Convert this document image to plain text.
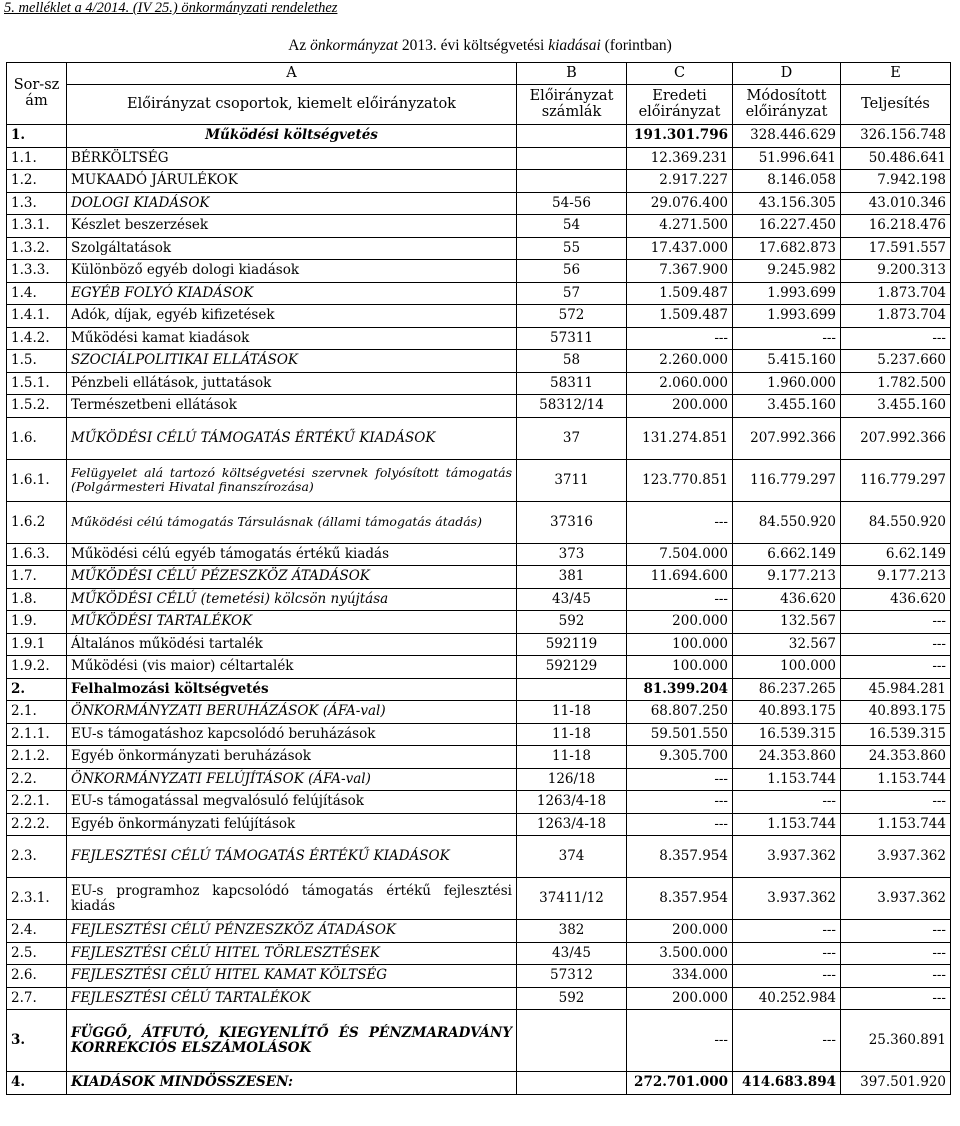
5. melléklet a 4/2014. (IV 25.) önkormányzati rendelethez
Az önkormányzat 2013. évi költségvetési kiadásai (forintban)
Sor-szám	A	B	C	D	E
	Előirányzat csoportok, kiemelt előirányzatok	Előirányzat számlák	Eredeti előirányzat	Módosított előirányzat	Teljesítés
1.	Működési költségvetés		191.301.796	328.446.629	326.156.748
1.1.	BÉRKÖLTSÉG		12.369.231	51.996.641	50.486.641
1.2.	MUKAADÓ JÁRULÉKOK		2.917.227	8.146.058	7.942.198
1.3.	DOLOGI KIADÁSOK	54-56	29.076.400	43.156.305	43.010.346
1.3.1.	Készlet beszerzések	54	4.271.500	16.227.450	16.218.476
1.3.2.	Szolgáltatások	55	17.437.000	17.682.873	17.591.557
1.3.3.	Különböző egyéb dologi kiadások	56	7.367.900	9.245.982	9.200.313
1.4.	EGYÉB FOLYÓ KIADÁSOK	57	1.509.487	1.993.699	1.873.704
1.4.1.	Adók, díjak, egyéb kifizetések	572	1.509.487	1.993.699	1.873.704
1.4.2.	Működési kamat kiadások	57311	---	---	---
1.5.	SZOCIÁLPOLITIKAI ELLÁTÁSOK	58	2.260.000	5.415.160	5.237.660
1.5.1.	Pénzbeli ellátások, juttatások	58311	2.060.000	1.960.000	1.782.500
1.5.2.	Természetbeni ellátások	58312/14	200.000	3.455.160	3.455.160
1.6.	MŰKÖDÉSI CÉLÚ TÁMOGATÁS ÉRTÉKŰ KIADÁSOK	37	131.274.851	207.992.366	207.992.366
1.6.1.	Felügyelet alá tartozó költségvetési szervnek folyósított támogatás (Polgármesteri Hivatal finanszírozása)	3711	123.770.851	116.779.297	116.779.297
1.6.2	Működési célú támogatás Társulásnak (állami támogatás átadás)	37316	---	84.550.920	84.550.920
1.6.3.	Működési célú egyéb támogatás értékű kiadás	373	7.504.000	6.662.149	6.62.149
1.7.	MŰKÖDÉSI CÉLÚ PÉZESZKÖZ ÁTADÁSOK	381	11.694.600	9.177.213	9.177.213
1.8.	MŰKÖDÉSI CÉLÚ (temetési) kölcsön nyújtása	43/45	---	436.620	436.620
1.9.	MŰKÖDÉSI TARTALÉKOK	592	200.000	132.567	---
1.9.1	Általános működési tartalék	592119	100.000	32.567	---
1.9.2.	Működési (vis maior) céltartalék	592129	100.000	100.000	---
2.	Felhalmozási költségvetés		81.399.204	86.237.265	45.984.281
2.1.	ÖNKORMÁNYZATI BERUHÁZÁSOK (ÁFA-val)	11-18	68.807.250	40.893.175	40.893.175
2.1.1.	EU-s támogatáshoz kapcsolódó beruházások	11-18	59.501.550	16.539.315	16.539.315
2.1.2.	Egyéb önkormányzati beruházások	11-18	9.305.700	24.353.860	24.353.860
2.2.	ÖNKORMÁNYZATI FELÚJÍTÁSOK (ÁFA-val)	126/18	---	1.153.744	1.153.744
2.2.1.	EU-s támogatással megvalósuló felújítások	1263/4-18	---	---	---
2.2.2.	Egyéb önkormányzati felújítások	1263/4-18	---	1.153.744	1.153.744
2.3.	FEJLESZTÉSI CÉLÚ TÁMOGATÁS ÉRTÉKŰ KIADÁSOK	374	8.357.954	3.937.362	3.937.362
2.3.1.	EU-s programhoz kapcsolódó támogatás értékű fejlesztési kiadás	37411/12	8.357.954	3.937.362	3.937.362
2.4.	FEJLESZTÉSI CÉLÚ PÉNZESZKÖZ ÁTADÁSOK	382	200.000	---	---
2.5.	FEJLESZTÉSI CÉLÚ HITEL TÖRLESZTÉSEK	43/45	3.500.000	---	---
2.6.	FEJLESZTÉSI CÉLÚ HITEL KAMAT KÖLTSÉG	57312	334.000	---	---
2.7.	FEJLESZTÉSI CÉLÚ TARTALÉKOK	592	200.000	40.252.984	---
3.	FÜGGŐ, ÁTFUTÓ, KIEGYENLÍTŐ ÉS PÉNZMARADVÁNY KORREKCIÓS ELSZÁMOLÁSOK		---	---	25.360.891
4.	KIADÁSOK MINDÖSSZESEN:		272.701.000	414.683.894	397.501.920
